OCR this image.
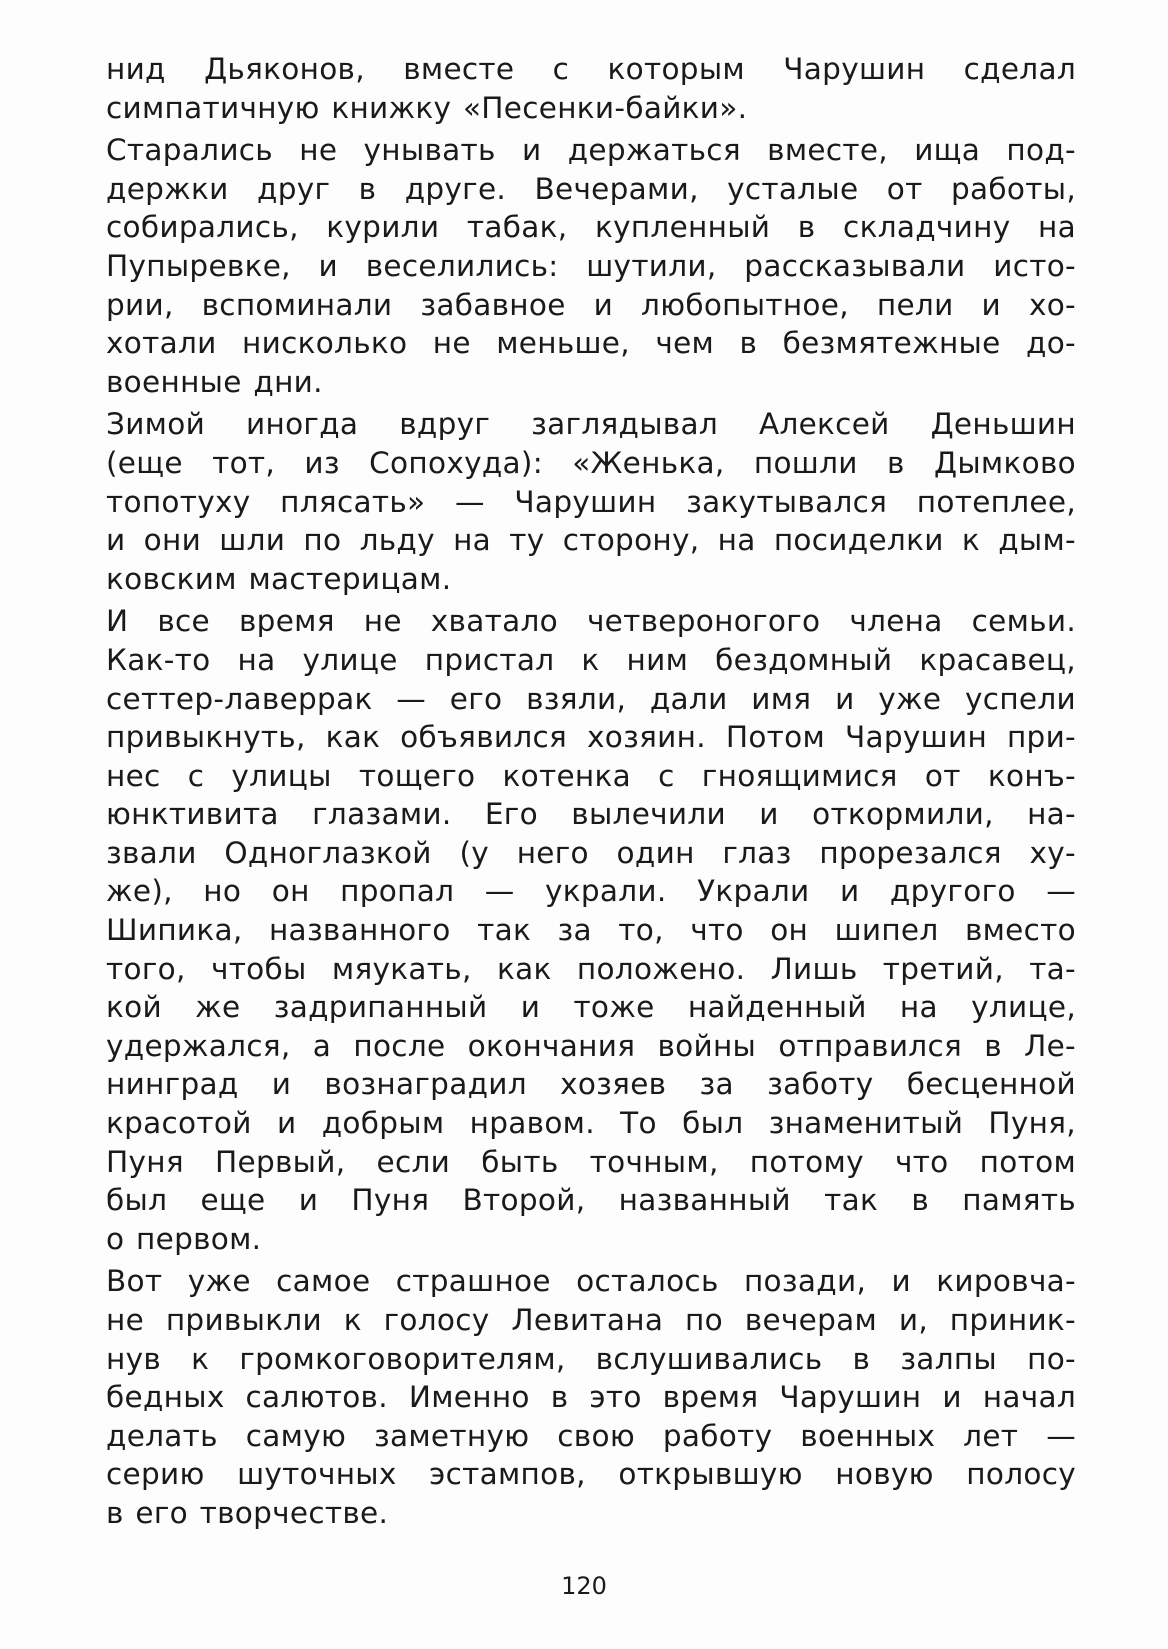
нид Дьяконов, вместе с которым Чарушин сделал
симпатичную книжку «Песенки-байки».
Старались не унывать и держаться вместе, ища под-
держки друг в друге. Вечерами, усталые от работы,
собирались, курили табак, купленный в складчину на
Пупыревке, и веселились: шутили, рассказывали исто-
рии, вспоминали забавное и любопытное, пели и хо-
хотали нисколько не меньше, чем в безмятежные до-
военные дни.
Зимой иногда вдруг заглядывал Алексей Деньшин
(еще тот, из Сопохуда): «Женька, пошли в Дымково
топотуху плясать» — Чарушин закутывался потеплее,
и они шли по льду на ту сторону, на посиделки к дым-
ковским мастерицам.
И все время не хватало четвероногого члена семьи.
Как-то на улице пристал к ним бездомный красавец,
сеттер-лаверрак — его взяли, дали имя и уже успели
привыкнуть, как объявился хозяин. Потом Чарушин при-
нес с улицы тощего котенка с гноящимися от конъ-
юнктивита глазами. Его вылечили и откормили, на-
звали Одноглазкой (у него один глаз прорезался ху-
же), но он пропал — украли. Украли и другого —
Шипика, названного так за то, что он шипел вместо
того, чтобы мяукать, как положено. Лишь третий, та-
кой же задрипанный и тоже найденный на улице,
удержался, а после окончания войны отправился в Ле-
нинград и вознаградил хозяев за заботу бесценной
красотой и добрым нравом. То был знаменитый Пуня,
Пуня Первый, если быть точным, потому что потом
был еще и Пуня Второй, названный так в память
о первом.
Вот уже самое страшное осталось позади, и кировча-
не привыкли к голосу Левитана по вечерам и, приник-
нув к громкоговорителям, вслушивались в залпы по-
бедных салютов. Именно в это время Чарушин и начал
делать самую заметную свою работу военных лет —
серию шуточных эстампов, открывшую новую полосу
в его творчестве.
120
